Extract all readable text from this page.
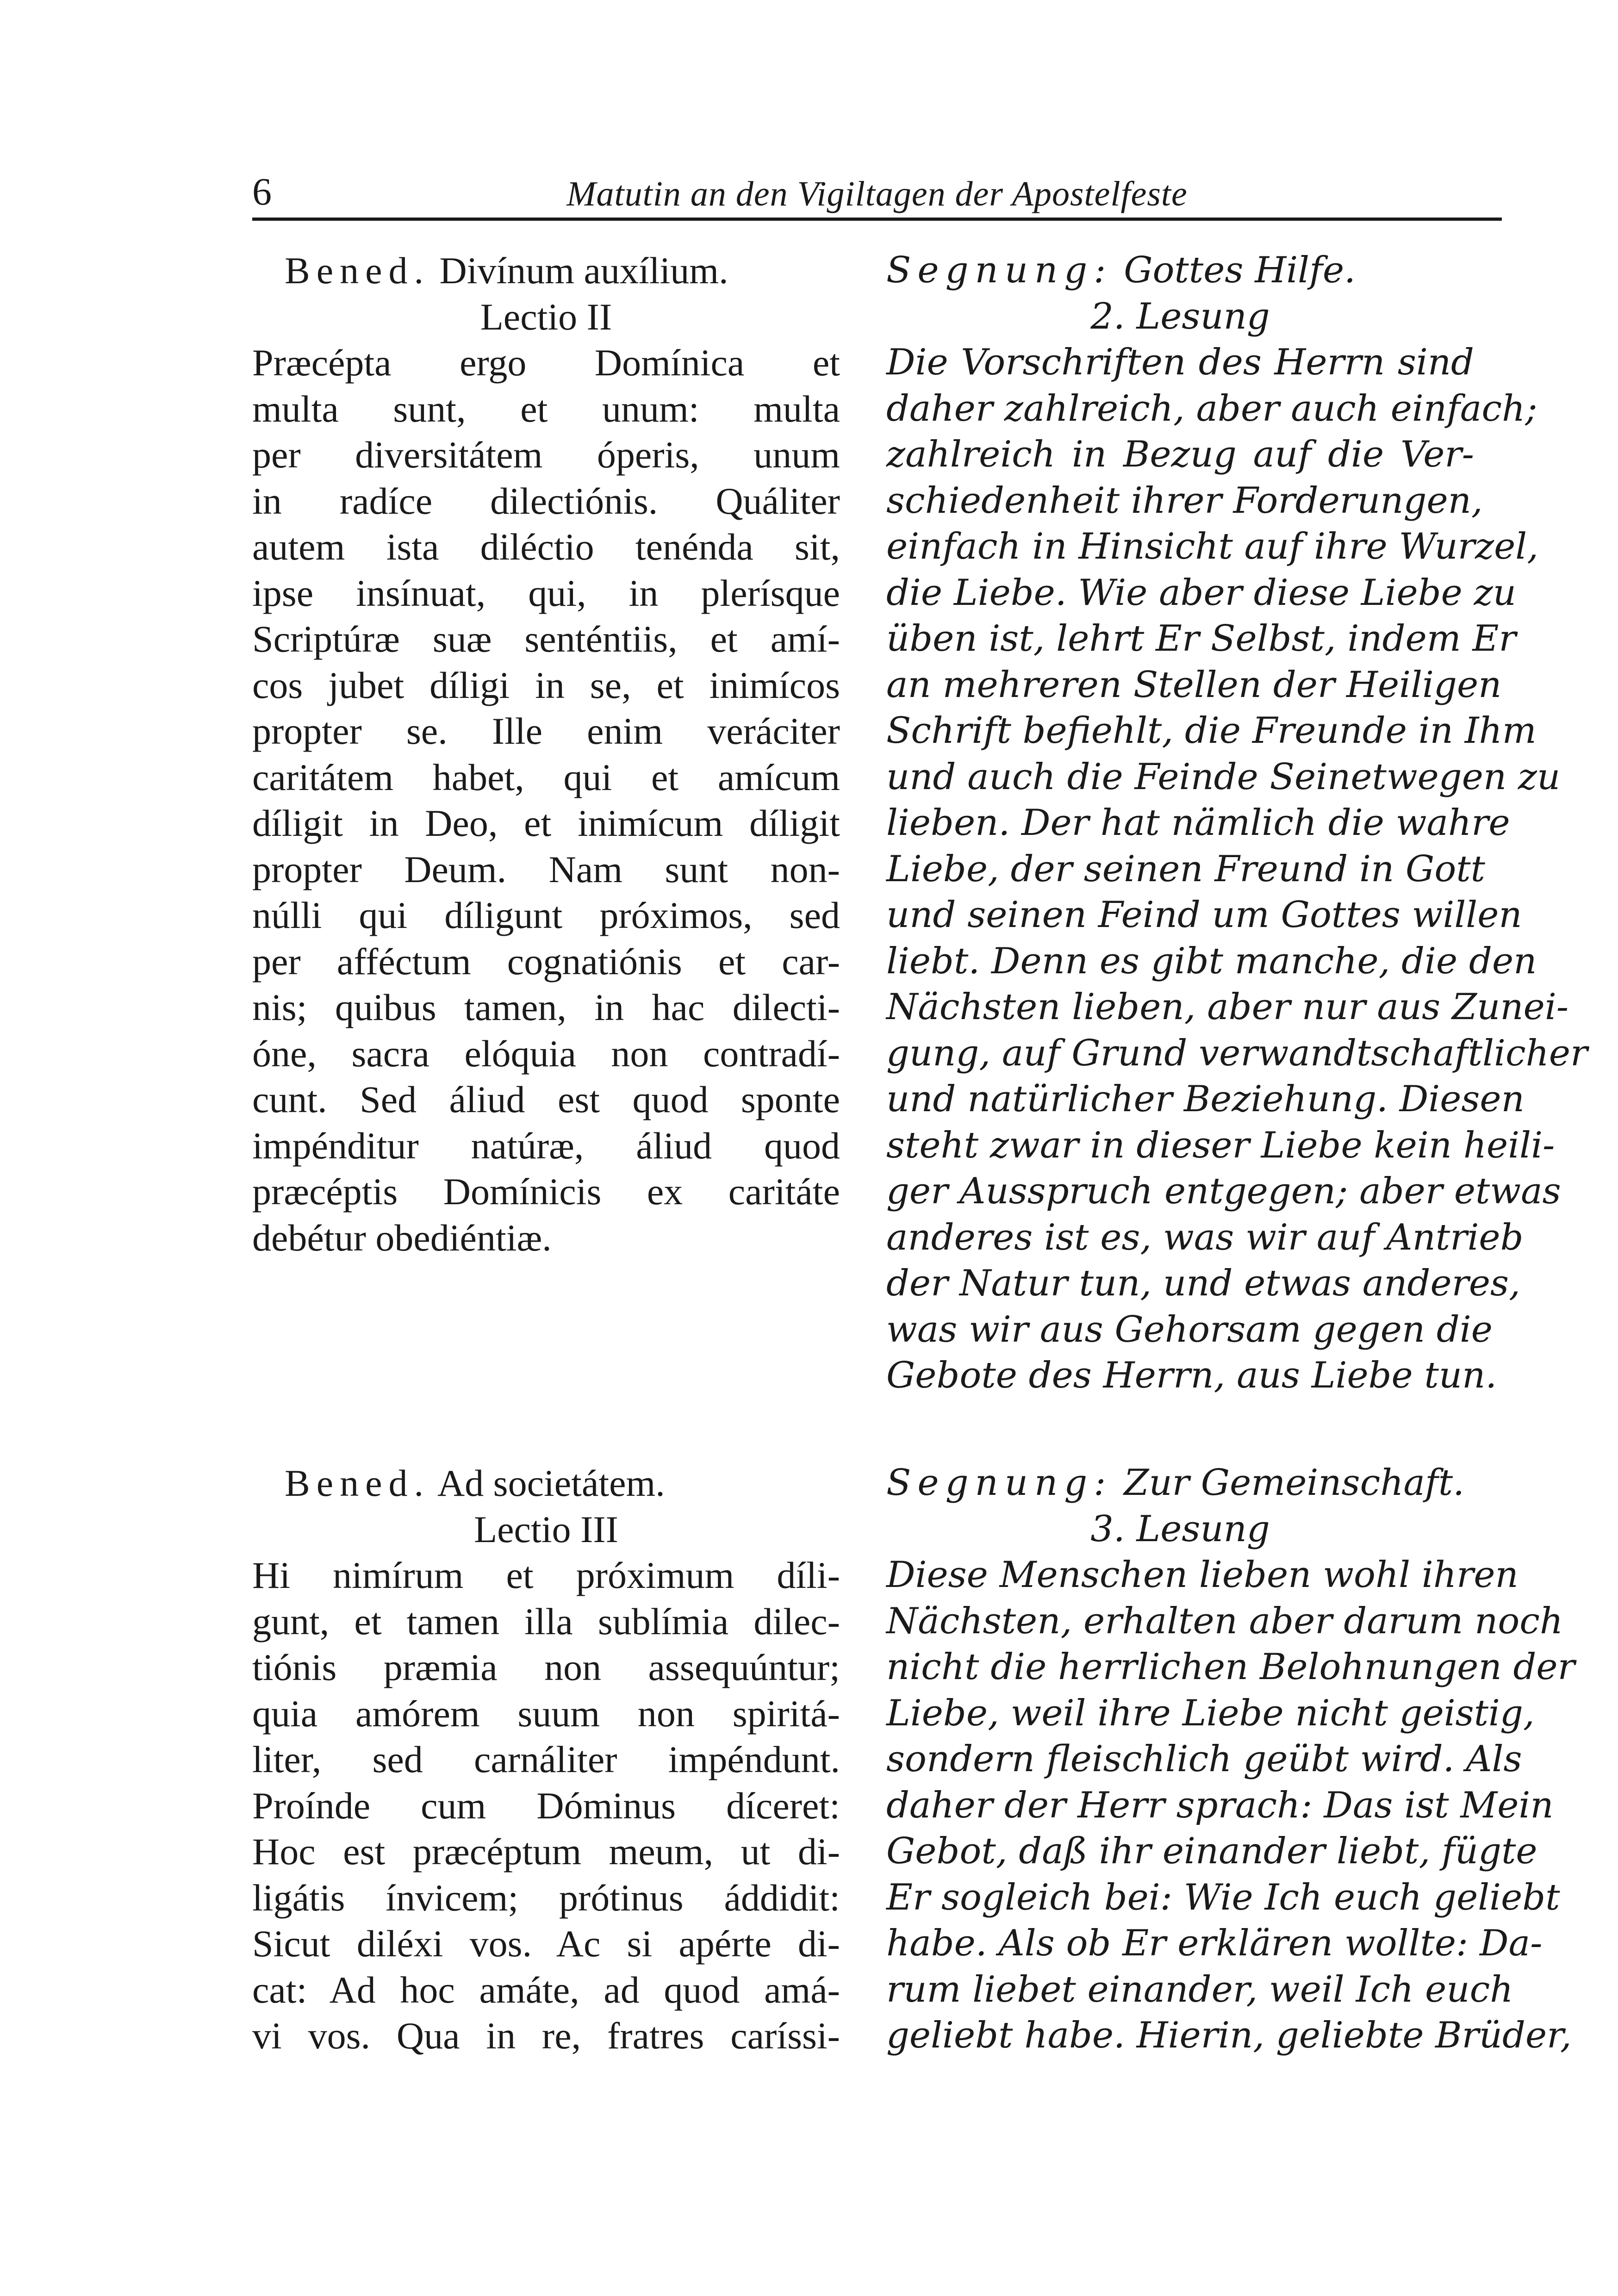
6	Matutin an den Vigiltagen der Apostelfeste
Bened. Divínum auxílium.
Lectio II
Præcépta ergo Domínica et
multa sunt, et unum: multa
per diversitátem óperis, unum
in radíce dilectiónis. Quáliter
autem ista diléctio tenénda sit,
ipse insínuat, qui, in plerísque
Scriptúræ suæ senténtiis, et amí-
cos jubet díligi in se, et inimícos
propter se. Ille enim veráciter
caritátem habet, qui et amícum
díligit in Deo, et inimícum díligit
propter Deum. Nam sunt non-
núlli qui díligunt próximos, sed
per afféctum cognatiónis et car-
nis; quibus tamen, in hac dilecti-
óne, sacra elóquia non contradí-
cunt. Sed áliud est quod sponte
impénditur natúræ, áliud quod
præcéptis Domínicis ex caritáte
debétur obediéntiæ.
Bened. Ad societátem.
Lectio III
Hi nimírum et próximum díli-
gunt, et tamen illa sublímia dilec-
tiónis præmia non assequúntur;
quia amórem suum non spiritá-
liter, sed carnáliter impéndunt.
Proínde cum Dóminus díceret:
Hoc est præcéptum meum, ut di-
ligátis ínvicem; prótinus áddidit:
Sicut diléxi vos. Ac si apérte di-
cat: Ad hoc amáte, ad quod amá-
vi vos. Qua in re, fratres caríssi-
Segnung: Gottes Hilfe.
2. Lesung
Die Vorschriften des Herrn sind
daher zahlreich, aber auch einfach;
zahlreich in Bezug auf die Ver-
schiedenheit ihrer Forderungen,
einfach in Hinsicht auf ihre Wurzel,
die Liebe. Wie aber diese Liebe zu
üben ist, lehrt Er Selbst, indem Er
an mehreren Stellen der Heiligen
Schrift befiehlt, die Freunde in Ihm
und auch die Feinde Seinetwegen zu
lieben. Der hat nämlich die wahre
Liebe, der seinen Freund in Gott
und seinen Feind um Gottes willen
liebt. Denn es gibt manche, die den
Nächsten lieben, aber nur aus Zunei-
gung, auf Grund verwandtschaftlicher
und natürlicher Beziehung. Diesen
steht zwar in dieser Liebe kein heili-
ger Ausspruch entgegen; aber etwas
anderes ist es, was wir auf Antrieb
der Natur tun, und etwas anderes,
was wir aus Gehorsam gegen die
Gebote des Herrn, aus Liebe tun.
Segnung: Zur Gemeinschaft.
3. Lesung
Diese Menschen lieben wohl ihren
Nächsten, erhalten aber darum noch
nicht die herrlichen Belohnungen der
Liebe, weil ihre Liebe nicht geistig,
sondern fleischlich geübt wird. Als
daher der Herr sprach: Das ist Mein
Gebot, daß ihr einander liebt, fügte
Er sogleich bei: Wie Ich euch geliebt
habe. Als ob Er erklären wollte: Da-
rum liebet einander, weil Ich euch
geliebt habe. Hierin, geliebte Brüder,
